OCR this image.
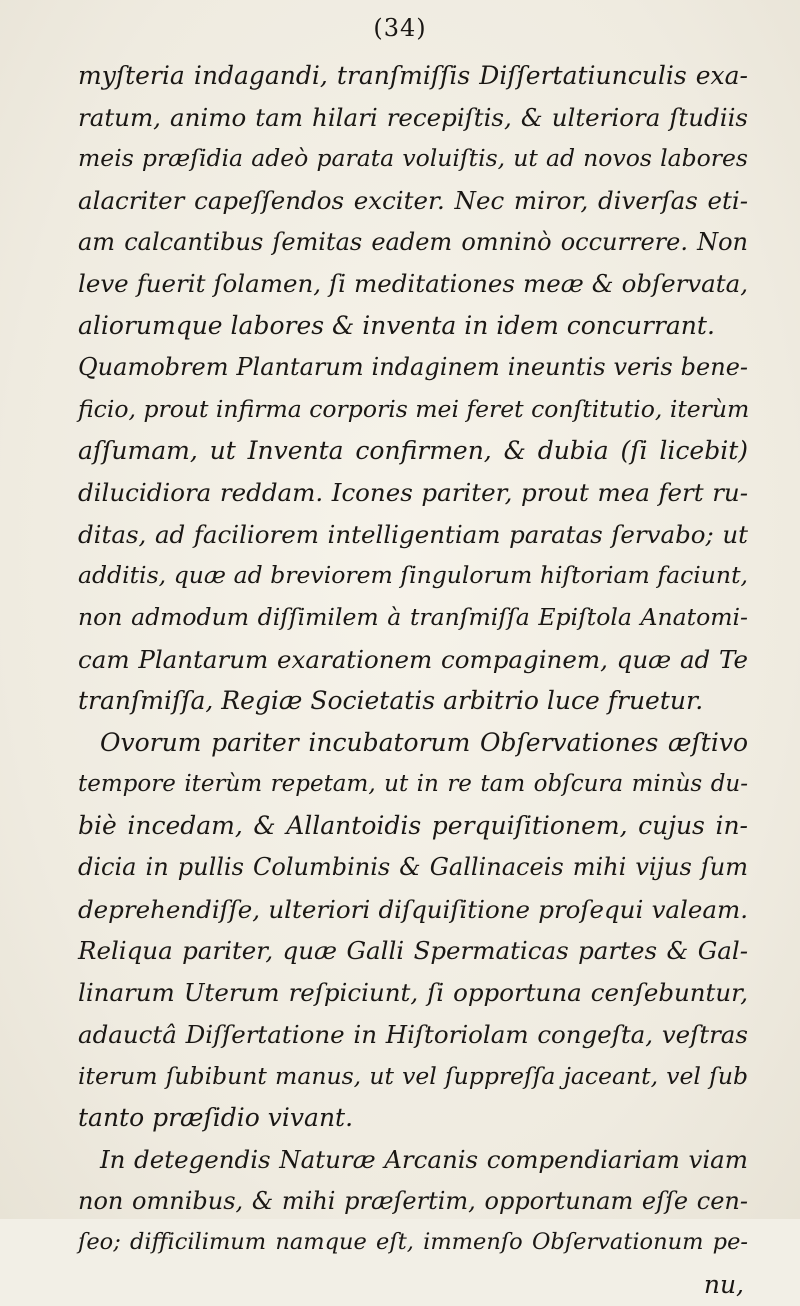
(34)
myſteria indagandi, tranſmiſſis Diſſertatiunculis exa-
ratum, animo tam hilari recepiſtis, & ulteriora ſtudiis
meis præſidia adeò parata voluiſtis, ut ad novos labores
alacriter capeſſendos exciter. Nec miror, diverſas eti-
am calcantibus ſemitas eadem omninò occurrere. Non
leve fuerit ſolamen, ſi meditationes meæ & obſervata,
aliorumque labores & inventa in idem concurrant.
Quamobrem Plantarum indaginem ineuntis veris bene-
ficio, prout infirma corporis mei feret conſtitutio, iterùm
aſſumam, ut Inventa confirmen, & dubia (ſi licebit)
dilucidiora reddam. Icones pariter, prout mea fert ru-
ditas, ad faciliorem intelligentiam paratas ſervabo; ut
additis, quæ ad breviorem ſingulorum hiſtoriam faciunt,
non admodum diſſimilem à tranſmiſſa Epiſtola Anatomi-
cam Plantarum exarationem compaginem, quæ ad Te
tranſmiſſa, Regiæ Societatis arbitrio luce fruetur.
Ovorum pariter incubatorum Obſervationes æſtivo
tempore iterùm repetam, ut in re tam obſcura minùs du-
biè incedam, & Allantoidis perquiſitionem, cujus in-
dicia in pullis Columbinis & Gallinaceis mihi vijus ſum
deprehendiſſe, ulteriori diſquiſitione proſequi valeam.
Reliqua pariter, quæ Galli Spermaticas partes & Gal-
linarum Uterum reſpiciunt, ſi opportuna cenſebuntur,
adauctâ Diſſertatione in Hiſtoriolam congeſta, veſtras
iterum ſubibunt manus, ut vel ſuppreſſa jaceant, vel ſub
tanto præſidio vivant.
In detegendis Naturæ Arcanis compendiariam viam
non omnibus, & mihi præſertim, opportunam eſſe cen-
ſeo; difficilimum namque eſt, immenſo Obſervationum pe-
nu,
